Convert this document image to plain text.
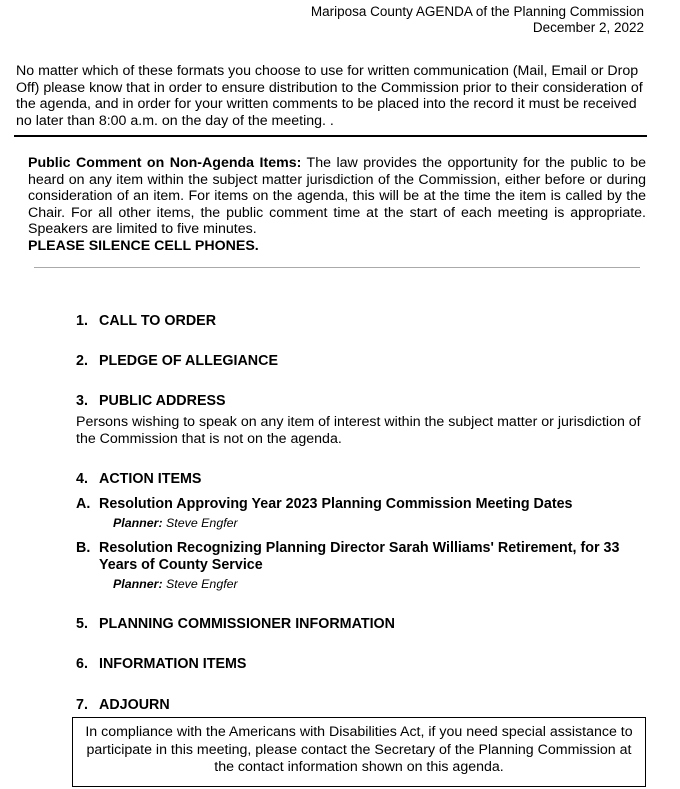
Mariposa County AGENDA of the Planning Commission
December 2, 2022
No matter which of these formats you choose to use for written communication (Mail, Email or Drop Off) please know that in order to ensure distribution to the Commission prior to their consideration of the agenda, and in order for your written comments to be placed into the record it must be received no later than 8:00 a.m. on the day of the meeting. .
Public Comment on Non-Agenda Items: The law provides the opportunity for the public to be heard on any item within the subject matter jurisdiction of the Commission, either before or during consideration of an item. For items on the agenda, this will be at the time the item is called by the Chair. For all other items, the public comment time at the start of each meeting is appropriate. Speakers are limited to five minutes.
PLEASE SILENCE CELL PHONES.
1. CALL TO ORDER
2. PLEDGE OF ALLEGIANCE
3. PUBLIC ADDRESS
Persons wishing to speak on any item of interest within the subject matter or jurisdiction of the Commission that is not on the agenda.
4. ACTION ITEMS
A. Resolution Approving Year 2023 Planning Commission Meeting Dates
Planner: Steve Engfer
B. Resolution Recognizing Planning Director Sarah Williams' Retirement, for 33 Years of County Service
Planner: Steve Engfer
5. PLANNING COMMISSIONER INFORMATION
6. INFORMATION ITEMS
7. ADJOURN
In compliance with the Americans with Disabilities Act, if you need special assistance to participate in this meeting, please contact the Secretary of the Planning Commission at the contact information shown on this agenda.
